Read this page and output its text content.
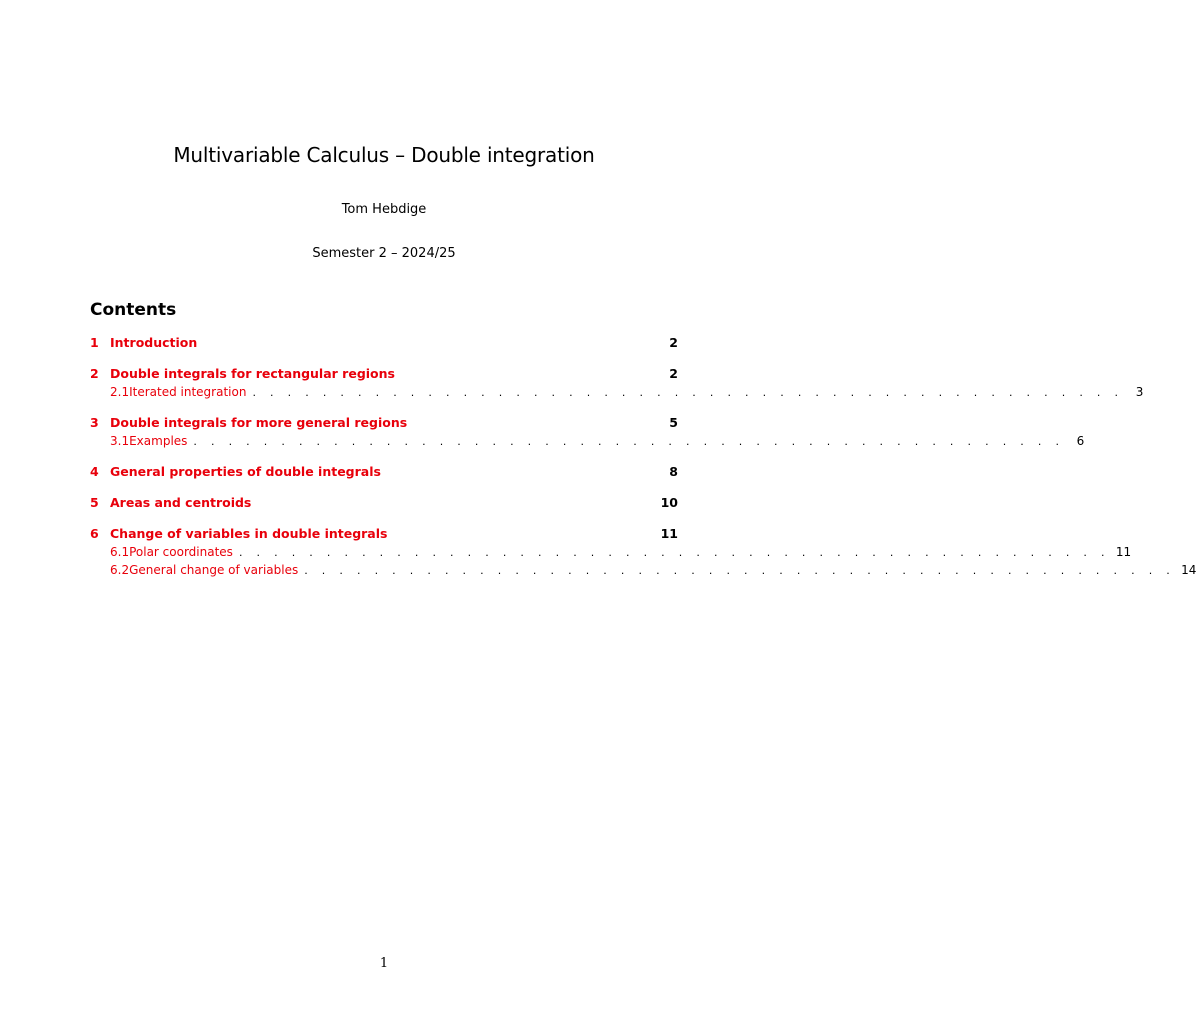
Multivariable Calculus – Double integration
Tom Hebdige
Semester 2 – 2024/25
Contents
1 Introduction	2
2 Double integrals for rectangular regions	2
2.1 Iterated integration . . . . . . . . . . . . . . . . . . . . . . . . . . . . . . . . . . . . . . . . . . . . . . . . . .	3
3 Double integrals for more general regions	5
3.1 Examples . . . . . . . . . . . . . . . . . . . . . . . . . . . . . . . . . . . . . . . . . . . . . . . . . .	6
4 General properties of double integrals	8
5 Areas and centroids	10
6 Change of variables in double integrals	11
6.1 Polar coordinates . . . . . . . . . . . . . . . . . . . . . . . . . . . . . . . . . . . . . . . . . . . . . . . . . . 11
6.2 General change of variables . . . . . . . . . . . . . . . . . . . . . . . . . . . . . . . . . . . . . . . . . . . . . . . . . . 14
1
